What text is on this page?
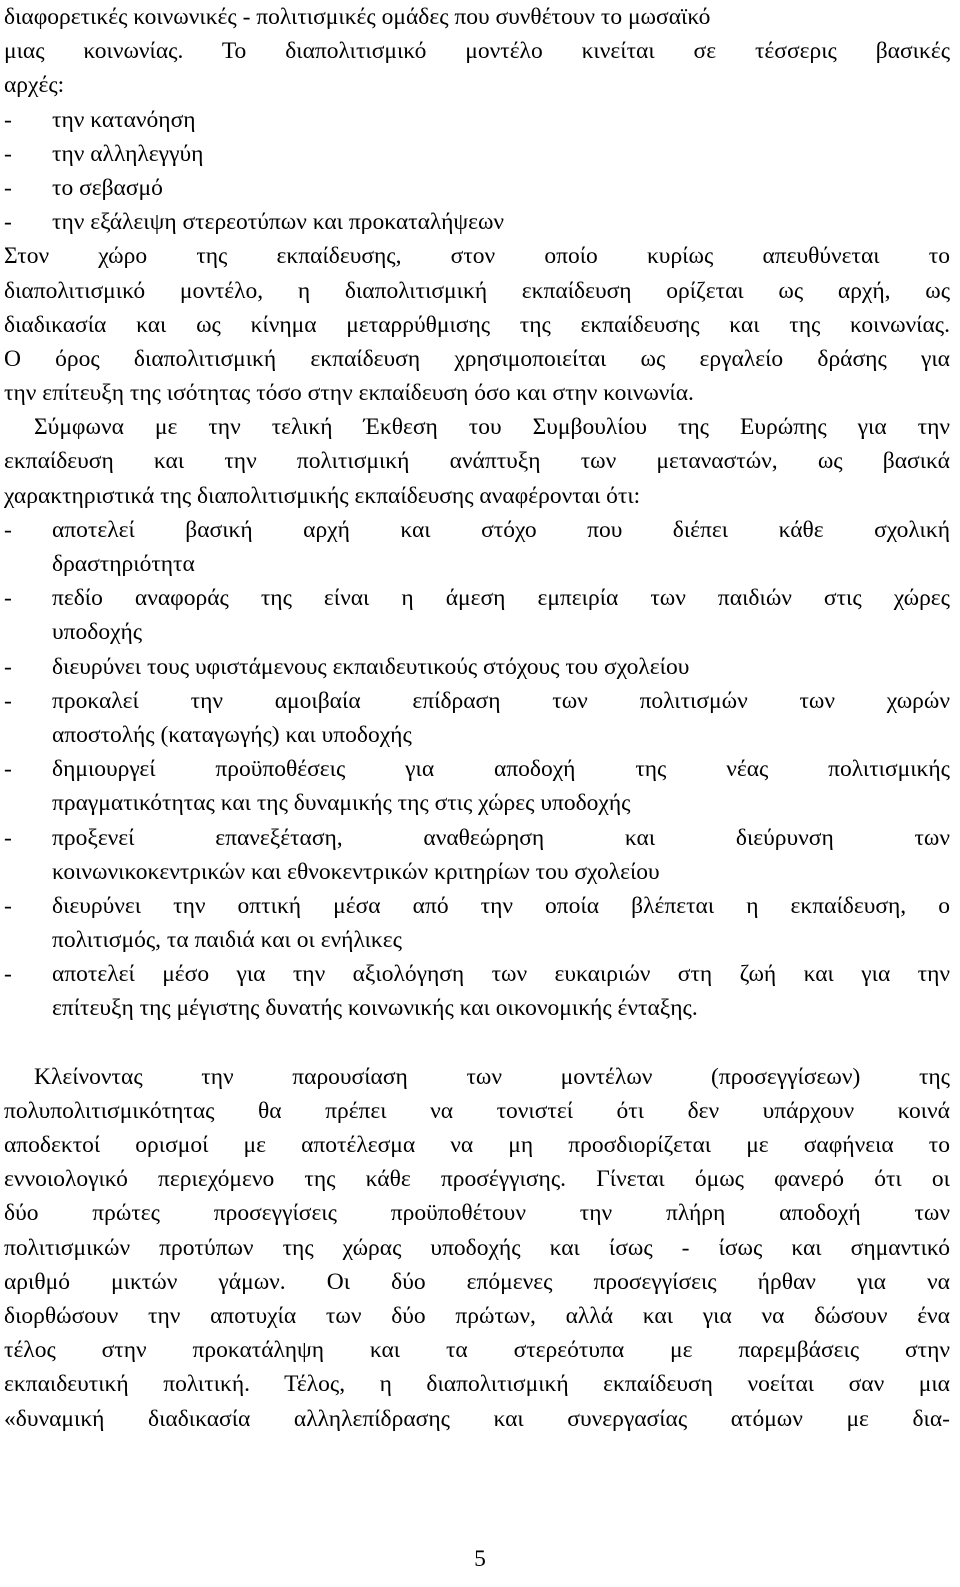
διαφορετικές κοινωνικές - πολιτισμικές ομάδες που συνθέτουν το μωσαϊκό
μιας κοινωνίας. Το διαπολιτισμικό μοντέλο κινείται σε τέσσερις βασικές
αρχές:
- την κατανόηση
- την αλληλεγγύη
- το σεβασμό
- την εξάλειψη στερεοτύπων και προκαταλήψεων
Στον χώρο της εκπαίδευσης, στον οποίο κυρίως απευθύνεται το
διαπολιτισμικό μοντέλο, η διαπολιτισμική εκπαίδευση ορίζεται ως αρχή, ως
διαδικασία και ως κίνημα μεταρρύθμισης της εκπαίδευσης και της κοινωνίας.
Ο όρος διαπολιτισμική εκπαίδευση χρησιμοποιείται ως εργαλείο δράσης για
την επίτευξη της ισότητας τόσο στην εκπαίδευση όσο και στην κοινωνία.
Σύμφωνα με την τελική Έκθεση του Συμβουλίου της Ευρώπης για την
εκπαίδευση και την πολιτισμική ανάπτυξη των μεταναστών, ως βασικά
χαρακτηριστικά της διαπολιτισμικής εκπαίδευσης αναφέρονται ότι:
-	αποτελεί βασική αρχή και στόχο που διέπει κάθε σχολική
δραστηριότητα
-	πεδίο αναφοράς της είναι η άμεση εμπειρία των παιδιών στις χώρες
υποδοχής
-	διευρύνει τους υφιστάμενους εκπαιδευτικούς στόχους του σχολείου
-	προκαλεί την αμοιβαία επίδραση των πολιτισμών των χωρών
αποστολής (καταγωγής) και υποδοχής
-	δημιουργεί προϋποθέσεις για αποδοχή της νέας πολιτισμικής
πραγματικότητας και της δυναμικής της στις χώρες υποδοχής
-	προξενεί επανεξέταση, αναθεώρηση και διεύρυνση των
κοινωνικοκεντρικών και εθνοκεντρικών κριτηρίων του σχολείου
-	διευρύνει την οπτική μέσα από την οποία βλέπεται η εκπαίδευση, ο
πολιτισμός, τα παιδιά και οι ενήλικες
-	αποτελεί μέσο για την αξιολόγηση των ευκαιριών στη ζωή και για την
επίτευξη της μέγιστης δυνατής κοινωνικής και οικονομικής ένταξης.
Κλείνοντας την παρουσίαση των μοντέλων (προσεγγίσεων) της
πολυπολιτισμικότητας θα πρέπει να τονιστεί ότι δεν υπάρχουν κοινά
αποδεκτοί ορισμοί με αποτέλεσμα να μη προσδιορίζεται με σαφήνεια το
εννοιολογικό περιεχόμενο της κάθε προσέγγισης. Γίνεται όμως φανερό ότι οι
δύο πρώτες προσεγγίσεις προϋποθέτουν την πλήρη αποδοχή των
πολιτισμικών προτύπων της χώρας υποδοχής και ίσως - ίσως και σημαντικό
αριθμό μικτών γάμων. Οι δύο επόμενες προσεγγίσεις ήρθαν για να
διορθώσουν την αποτυχία των δύο πρώτων, αλλά και για να δώσουν ένα
τέλος στην προκατάληψη και τα στερεότυπα με παρεμβάσεις στην
εκπαιδευτική πολιτική. Τέλος, η διαπολιτισμική εκπαίδευση νοείται σαν μια
«δυναμική διαδικασία αλληλεπίδρασης και συνεργασίας ατόμων με δια-
5
